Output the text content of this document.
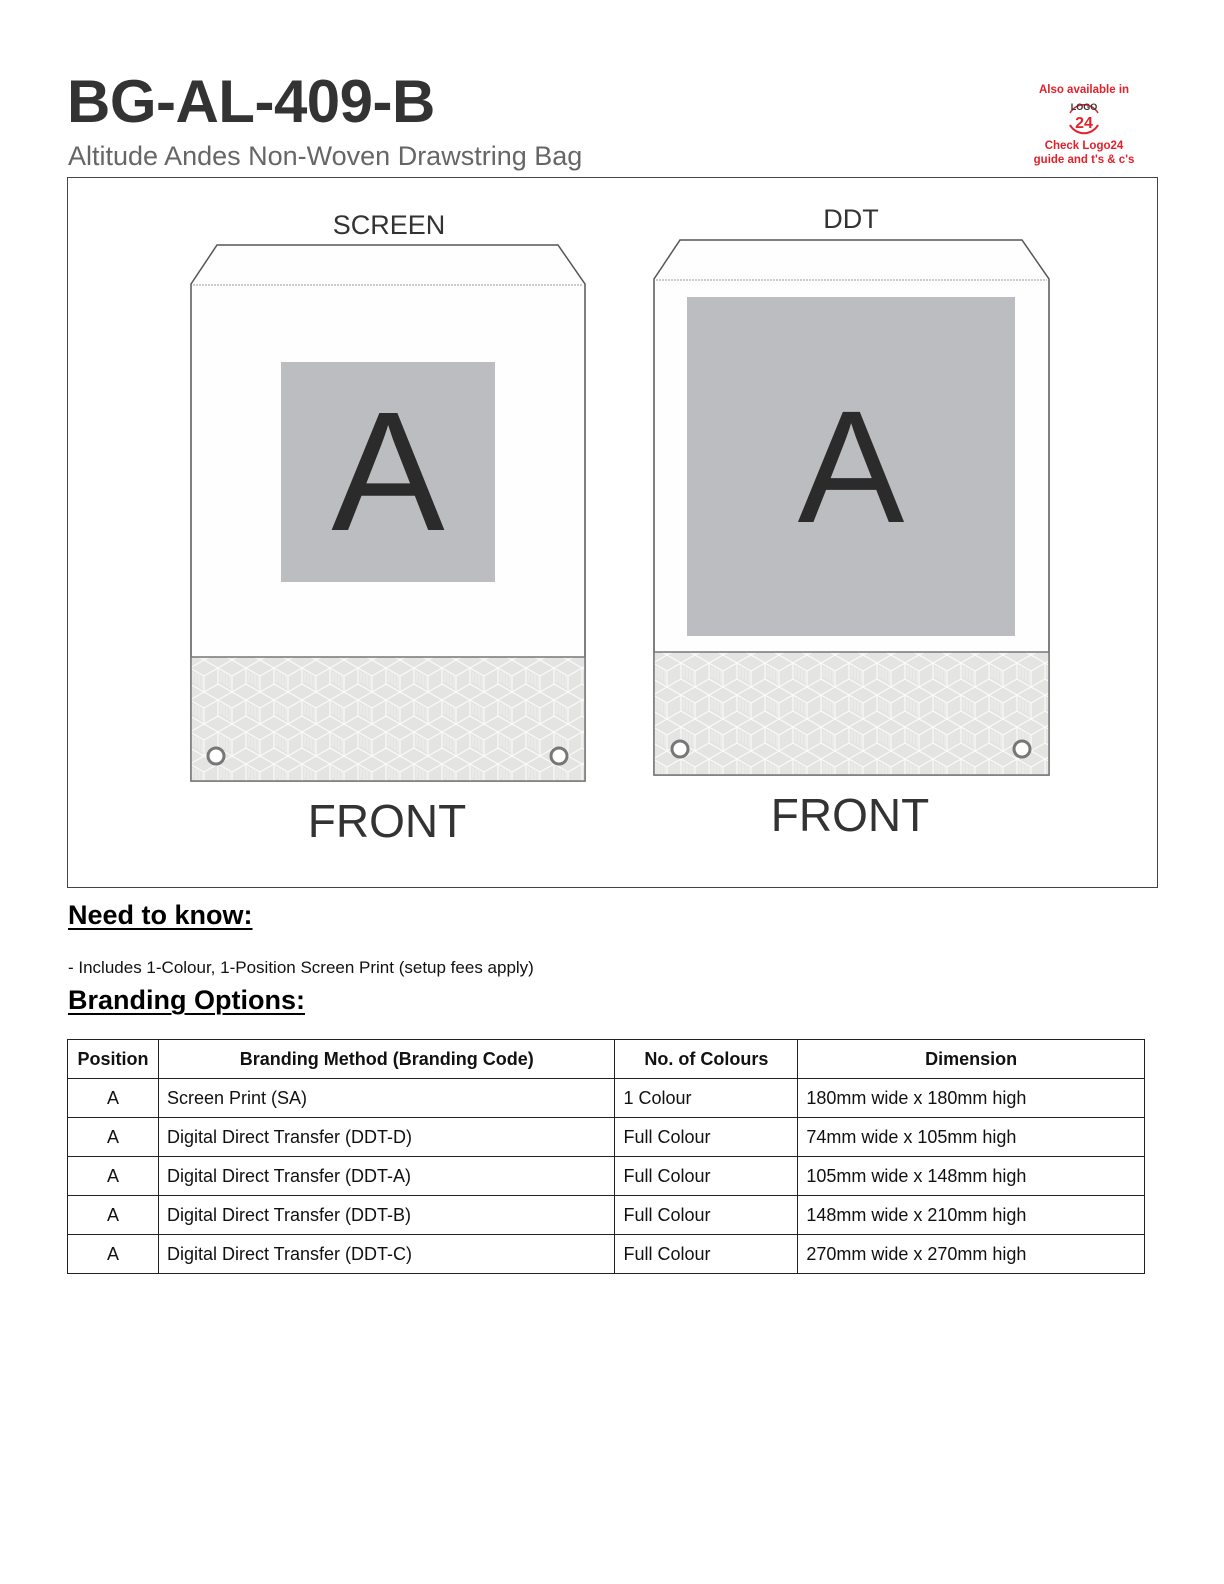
BG-AL-409-B

Altitude Andes Non-Woven Drawstring Bag

Also available in
LOGO
24
Check Logo24
guide and t's & c's
SCREEN
A
FRONT
DDT
A
FRONT
Need to know:
- Includes 1-Colour, 1-Position Screen Print (setup fees apply)
Branding Options:
Position	Branding Method (Branding Code)	No. of Colours	Dimension
A	Screen Print (SA)	1 Colour	180mm wide x 180mm high
A	Digital Direct Transfer (DDT-D)	Full Colour	74mm wide x 105mm high
A	Digital Direct Transfer (DDT-A)	Full Colour	105mm wide x 148mm high
A	Digital Direct Transfer (DDT-B)	Full Colour	148mm wide x 210mm high
A	Digital Direct Transfer (DDT-C)	Full Colour	270mm wide x 270mm high
